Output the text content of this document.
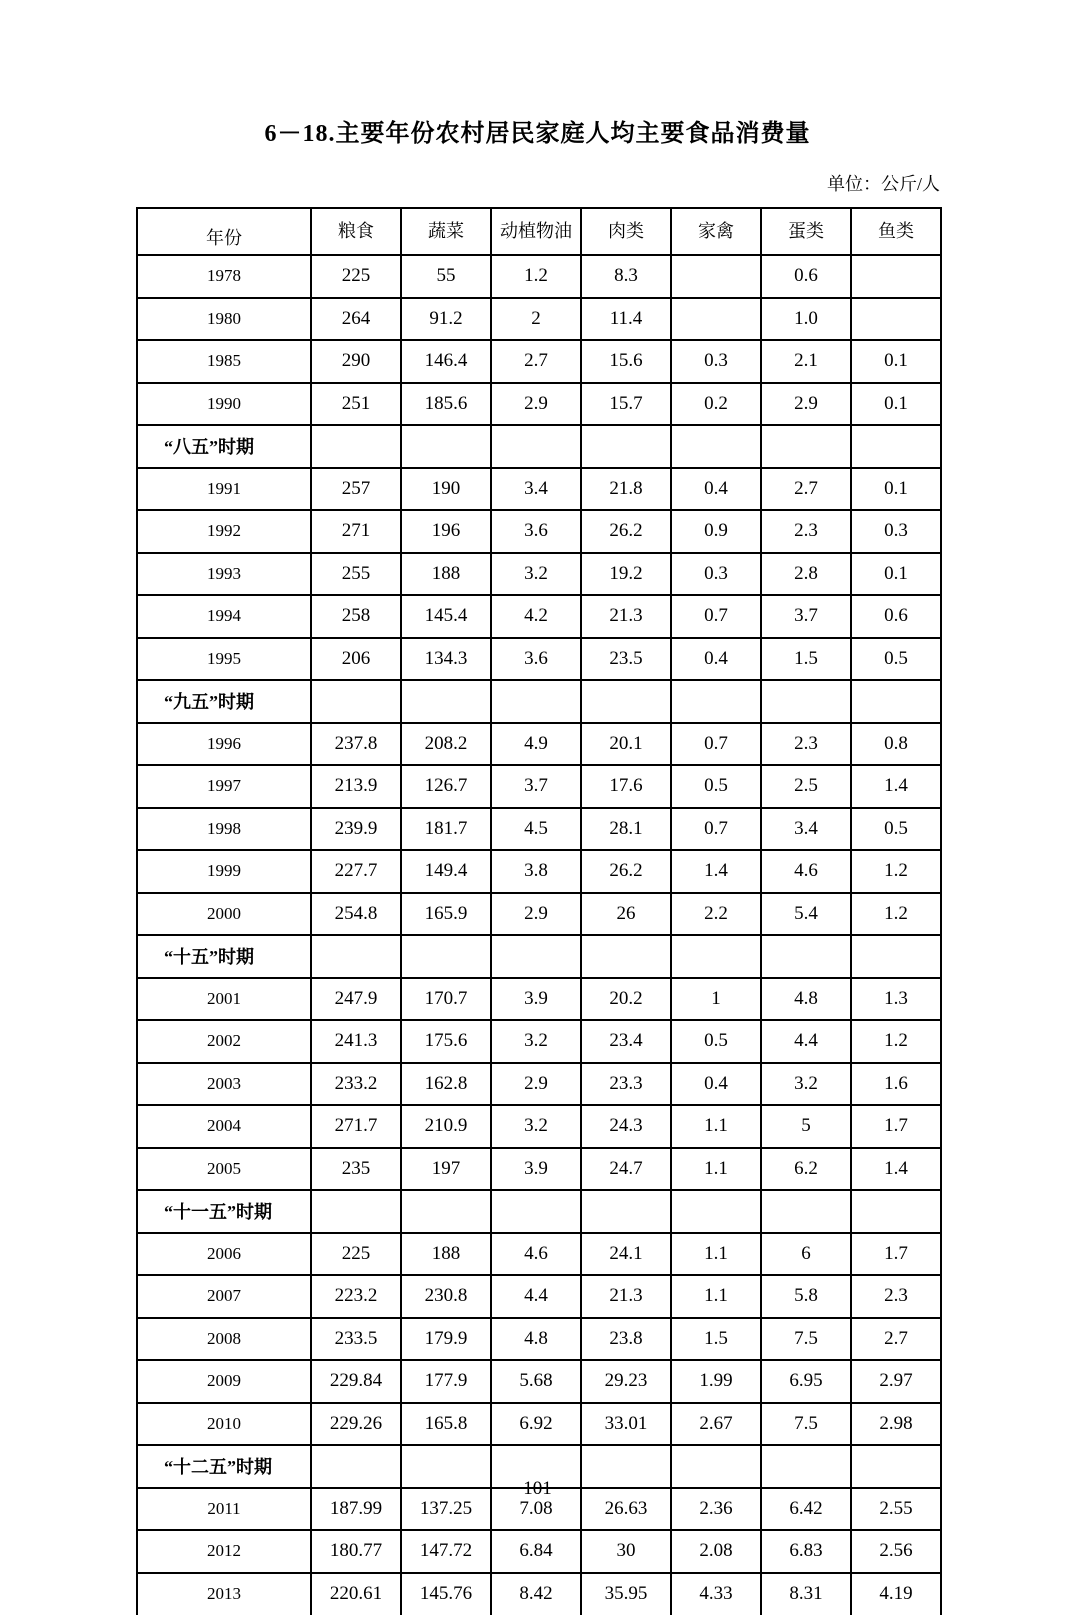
6－18.主要年份农村居民家庭人均主要食品消费量
单位：公斤/人
年份	粮食	蔬菜	动植物油	肉类	家禽	蛋类	鱼类
1978	225	55	1.2	8.3		0.6	
1980	264	91.2	2	11.4		1.0	
1985	290	146.4	2.7	15.6	0.3	2.1	0.1
1990	251	185.6	2.9	15.7	0.2	2.9	0.1
“八五”时期							
1991	257	190	3.4	21.8	0.4	2.7	0.1
1992	271	196	3.6	26.2	0.9	2.3	0.3
1993	255	188	3.2	19.2	0.3	2.8	0.1
1994	258	145.4	4.2	21.3	0.7	3.7	0.6
1995	206	134.3	3.6	23.5	0.4	1.5	0.5
“九五”时期							
1996	237.8	208.2	4.9	20.1	0.7	2.3	0.8
1997	213.9	126.7	3.7	17.6	0.5	2.5	1.4
1998	239.9	181.7	4.5	28.1	0.7	3.4	0.5
1999	227.7	149.4	3.8	26.2	1.4	4.6	1.2
2000	254.8	165.9	2.9	26	2.2	5.4	1.2
“十五”时期							
2001	247.9	170.7	3.9	20.2	1	4.8	1.3
2002	241.3	175.6	3.2	23.4	0.5	4.4	1.2
2003	233.2	162.8	2.9	23.3	0.4	3.2	1.6
2004	271.7	210.9	3.2	24.3	1.1	5	1.7
2005	235	197	3.9	24.7	1.1	6.2	1.4
“十一五”时期							
2006	225	188	4.6	24.1	1.1	6	1.7
2007	223.2	230.8	4.4	21.3	1.1	5.8	2.3
2008	233.5	179.9	4.8	23.8	1.5	7.5	2.7
2009	229.84	177.9	5.68	29.23	1.99	6.95	2.97
2010	229.26	165.8	6.92	33.01	2.67	7.5	2.98
“十二五”时期							
2011	187.99	137.25	7.08	26.63	2.36	6.42	2.55
2012	180.77	147.72	6.84	30	2.08	6.83	2.56
2013	220.61	145.76	8.42	35.95	4.33	8.31	4.19
101
